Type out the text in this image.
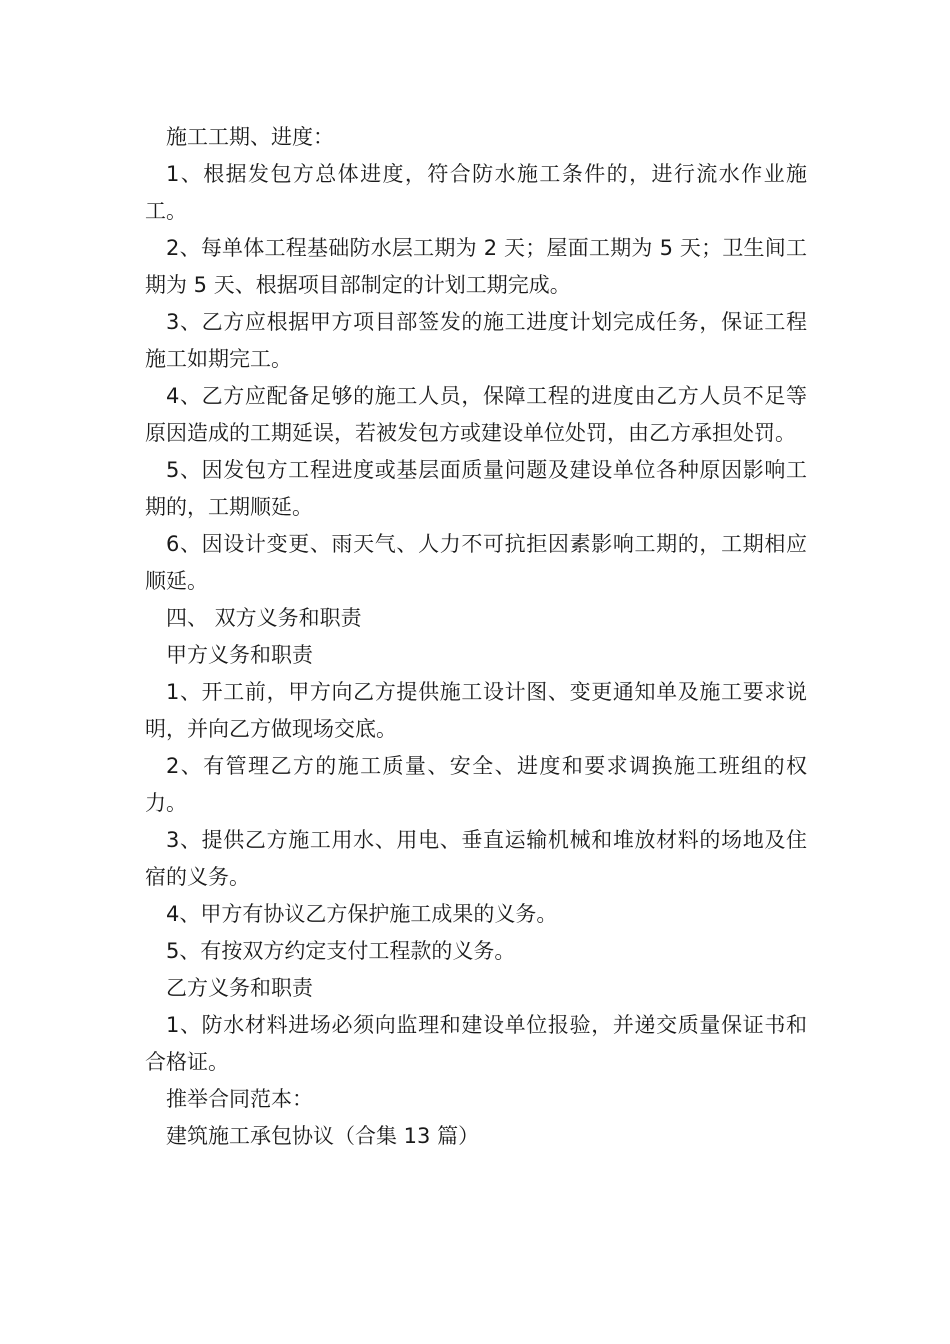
施工工期、进度：

1、根据发包方总体进度，符合防水施工条件的，进行流水作业施工。

2、每单体工程基础防水层工期为 2 天；屋面工期为 5 天；卫生间工期为 5 天、根据项目部制定的计划工期完成。

3、乙方应根据甲方项目部签发的施工进度计划完成任务，保证工程施工如期完工。

4、乙方应配备足够的施工人员，保障工程的进度由乙方人员不足等原因造成的工期延误，若被发包方或建设单位处罚，由乙方承担处罚。

5、因发包方工程进度或基层面质量问题及建设单位各种原因影响工期的，工期顺延。

6、因设计变更、雨天气、人力不可抗拒因素影响工期的，工期相应顺延。

四、 双方义务和职责

甲方义务和职责

1、开工前，甲方向乙方提供施工设计图、变更通知单及施工要求说明，并向乙方做现场交底。

2、有管理乙方的施工质量、安全、进度和要求调换施工班组的权力。

3、提供乙方施工用水、用电、垂直运输机械和堆放材料的场地及住宿的义务。

4、甲方有协议乙方保护施工成果的义务。

5、有按双方约定支付工程款的义务。

乙方义务和职责

1、防水材料进场必须向监理和建设单位报验，并递交质量保证书和合格证。

推举合同范本：

建筑施工承包协议（合集 13 篇）
